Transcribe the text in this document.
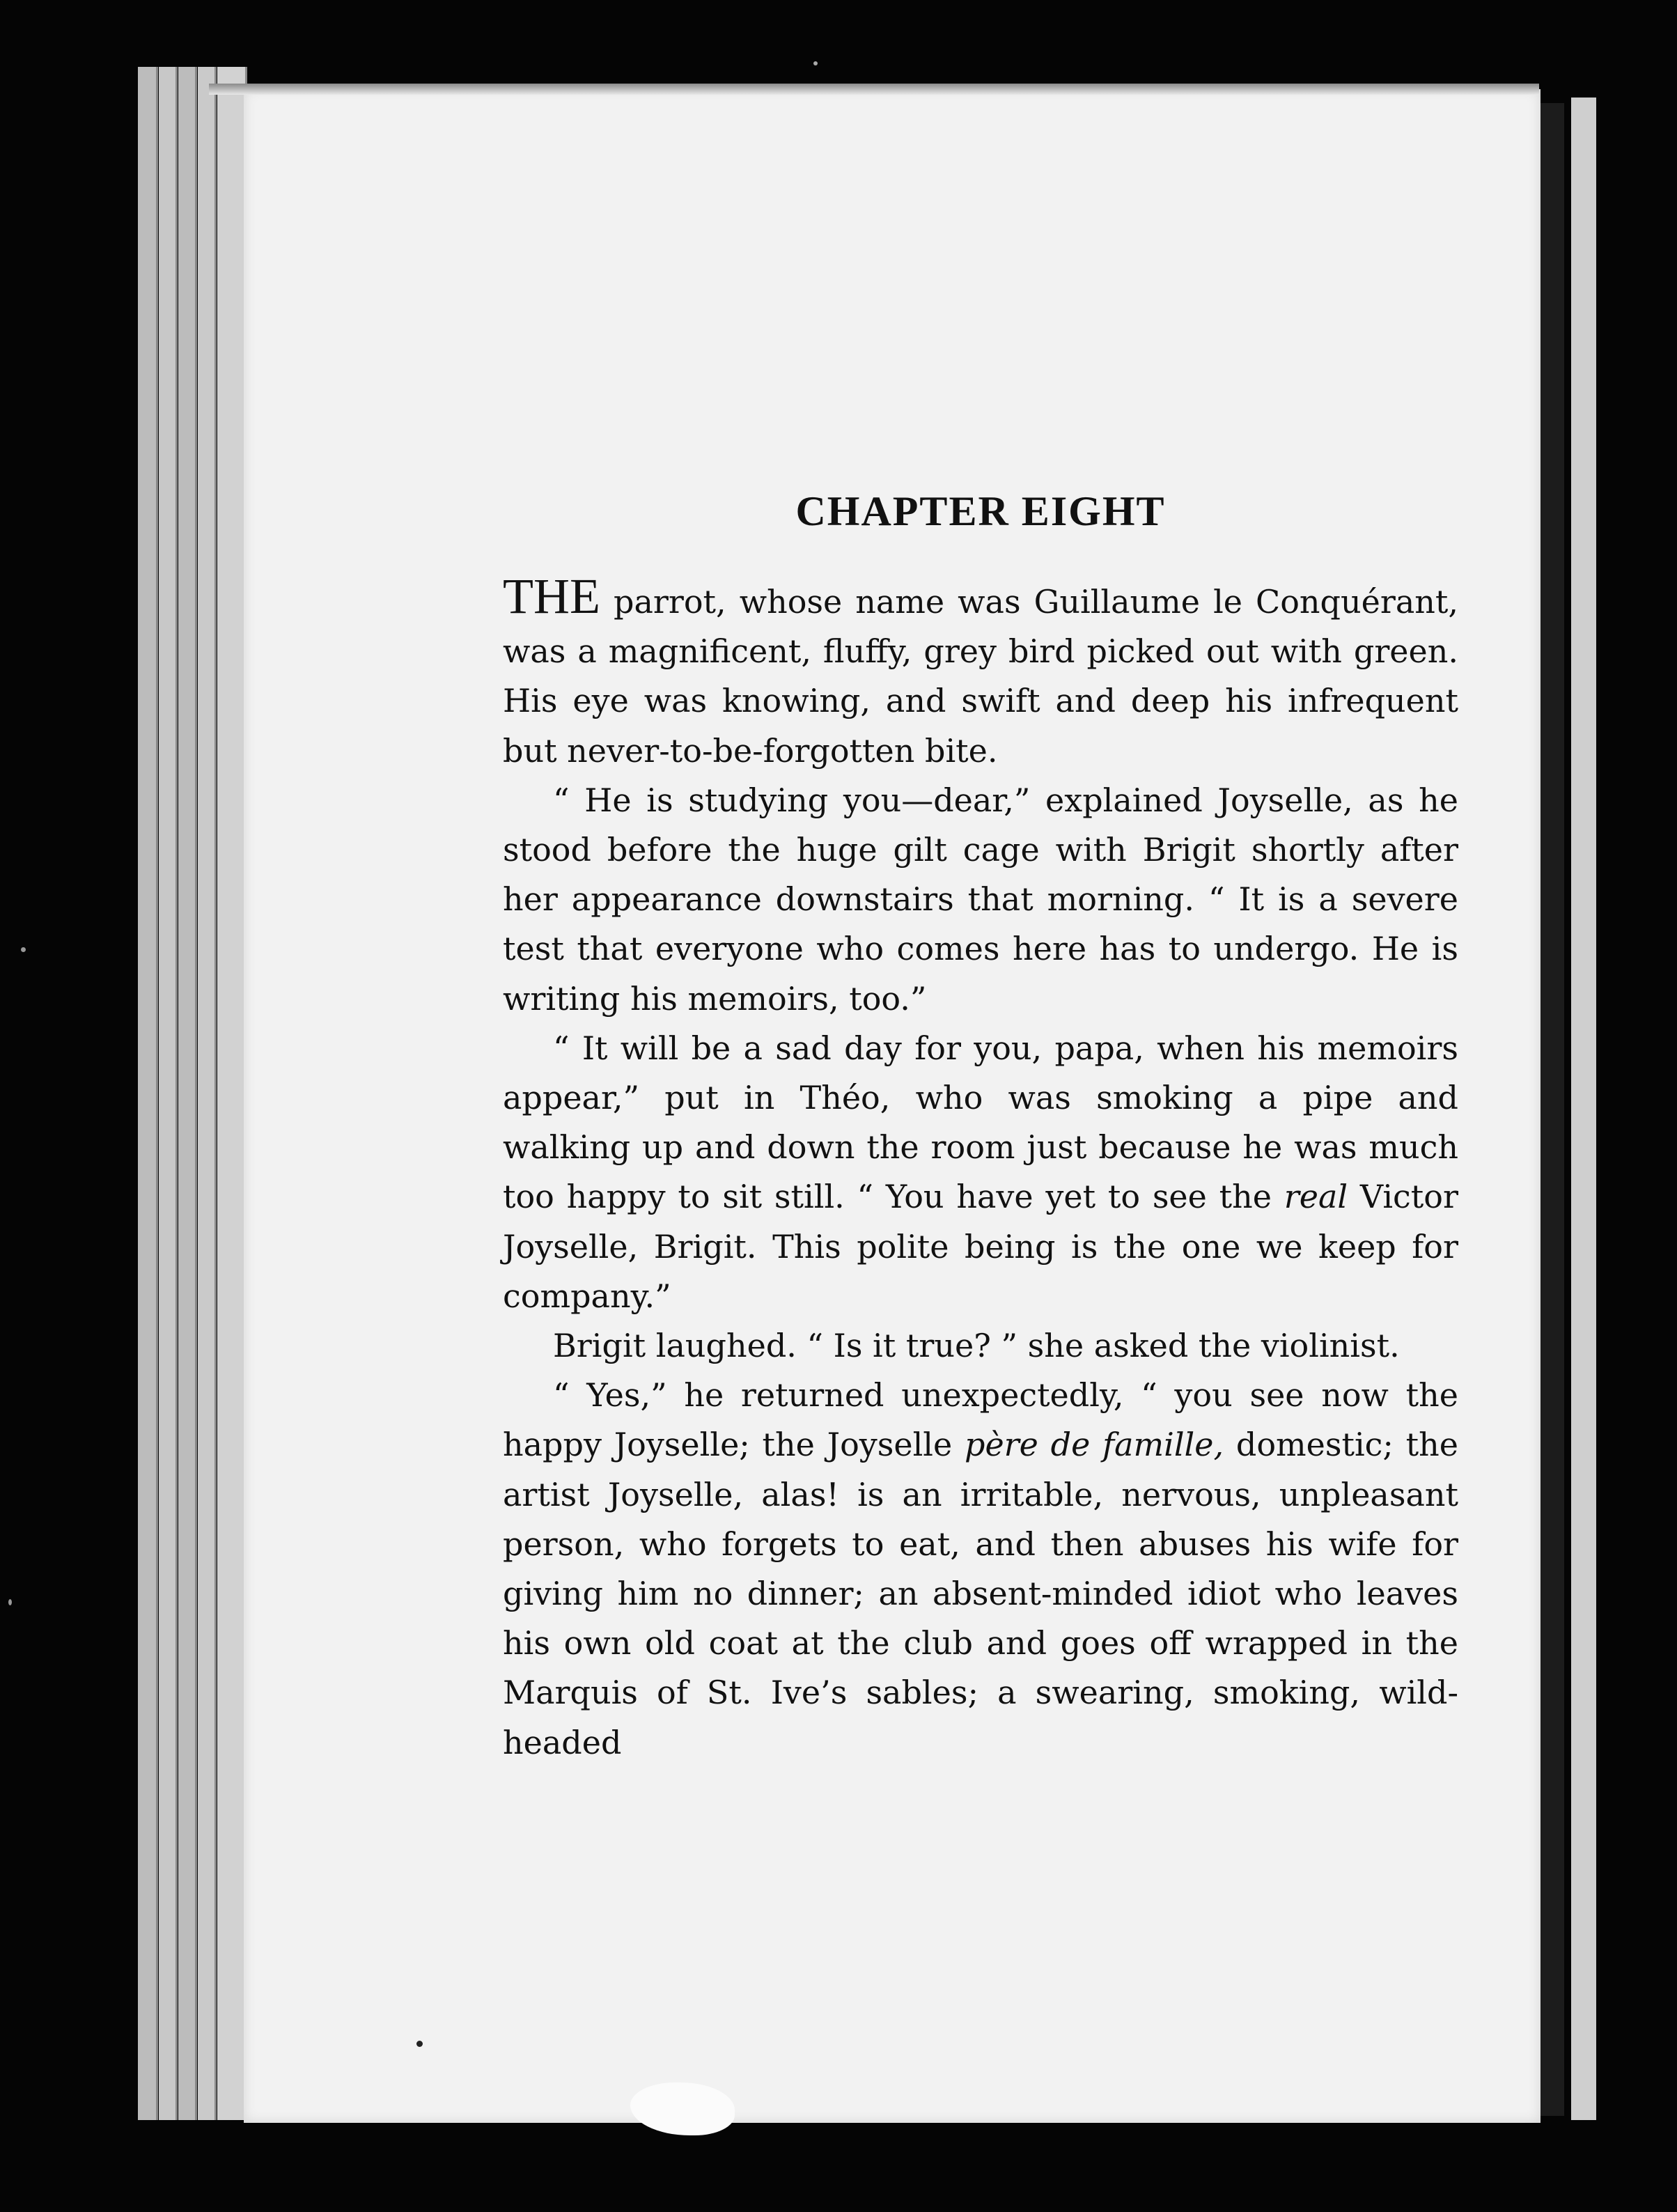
CHAPTER EIGHT

THE parrot, whose name was Guillaume le Conquérant, was a magnificent, fluffy, grey bird picked out with green. His eye was knowing, and swift and deep his infrequent but never-to-be-forgotten bite.

“ He is studying you—dear,” explained Joyselle, as he stood before the huge gilt cage with Brigit shortly after her appearance downstairs that morning. “ It is a severe test that everyone who comes here has to undergo. He is writing his memoirs, too.”

“ It will be a sad day for you, papa, when his memoirs appear,” put in Théo, who was smoking a pipe and walking up and down the room just because he was much too happy to sit still. “ You have yet to see the real Victor Joyselle, Brigit. This polite being is the one we keep for company.”

Brigit laughed. “ Is it true? ” she asked the violinist.

“ Yes,” he returned unexpectedly, “ you see now the happy Joyselle; the Joyselle père de famille, domestic; the artist Joyselle, alas! is an irritable, nervous, unpleasant person, who forgets to eat, and then abuses his wife for giving him no dinner; an absent-minded idiot who leaves his own old coat at the club and goes off wrapped in the Marquis of St. Ive’s sables; a swearing, smoking, wild-headed
